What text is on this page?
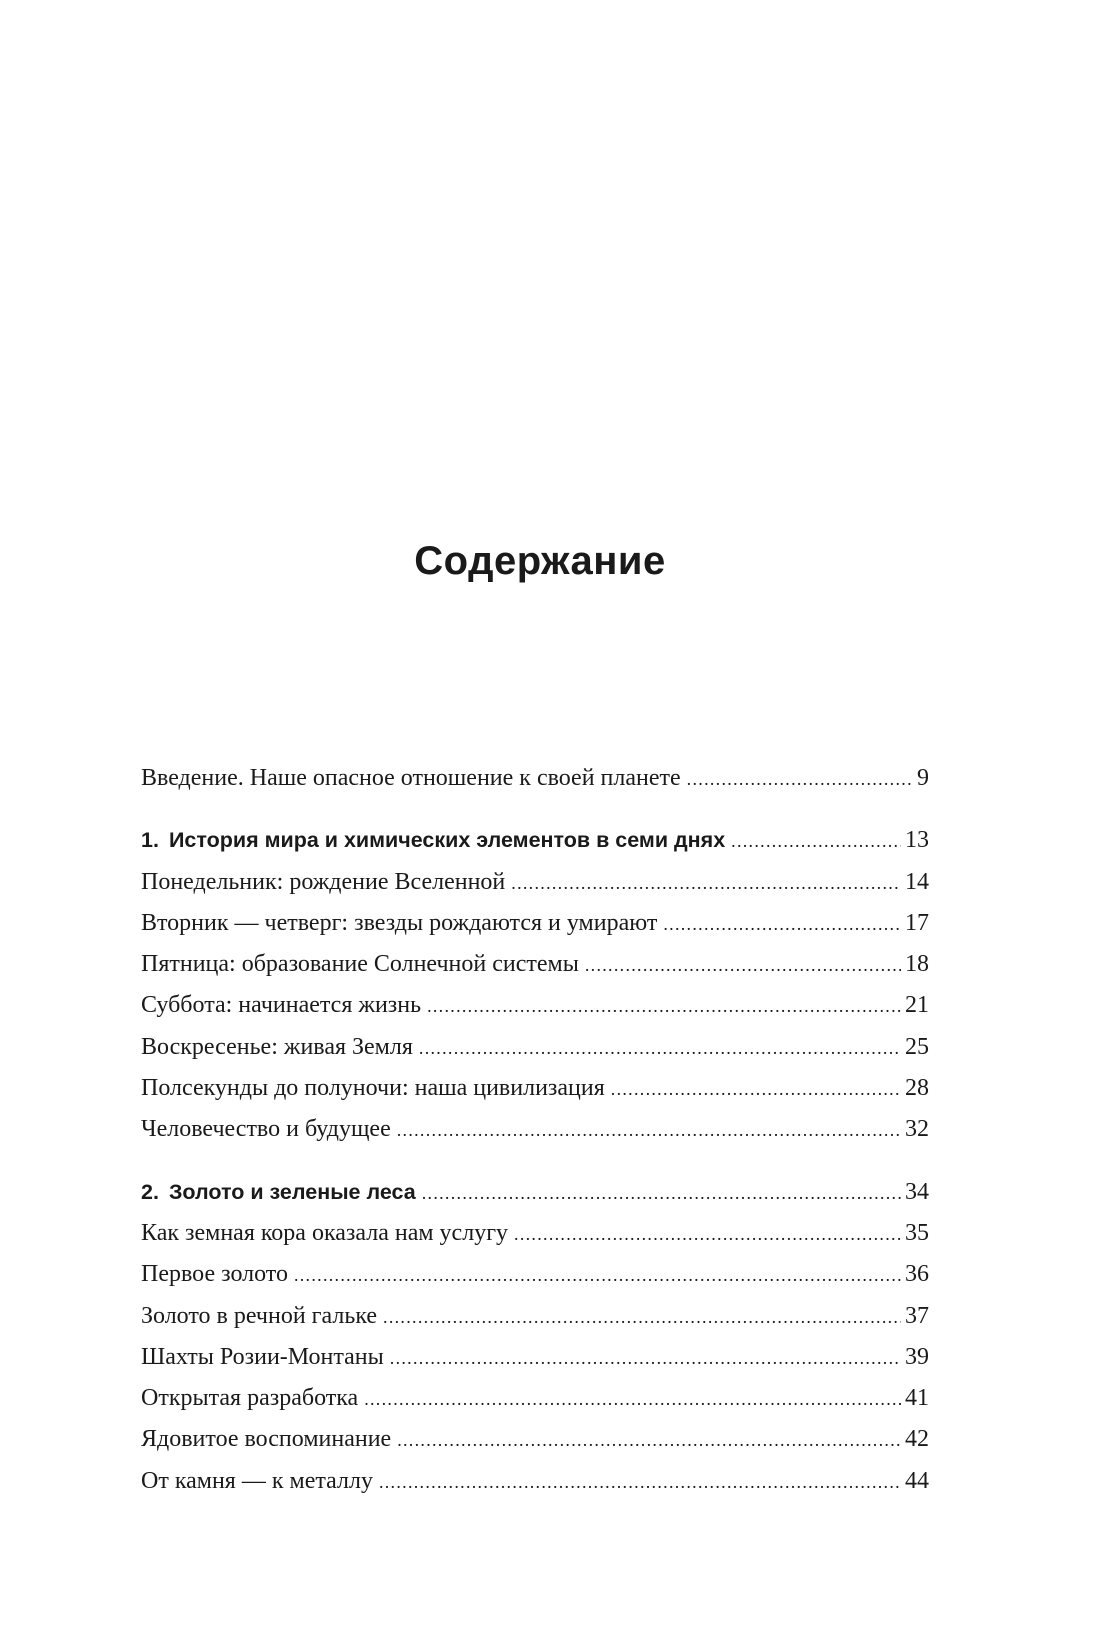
Содержание
Введение. Наше опасное отношение к своей планете . . .	9
1. История мира и химических элементов в семи днях . . .	13
Понедельник: рождение Вселенной . . .	14
Вторник — четверг: звезды рождаются и умирают . . .	17
Пятница: образование Солнечной системы . . .	18
Суббота: начинается жизнь . . .	21
Воскресенье: живая Земля . . .	25
Полсекунды до полуночи: наша цивилизация . . .	28
Человечество и будущее . . .	32
2. Золото и зеленые леса . . .	34
Как земная кора оказала нам услугу . . .	35
Первое золото . . .	36
Золото в речной гальке . . .	37
Шахты Розии-Монтаны . . .	39
Открытая разработка . . .	41
Ядовитое воспоминание . . .	42
От камня — к металлу . . .	44
